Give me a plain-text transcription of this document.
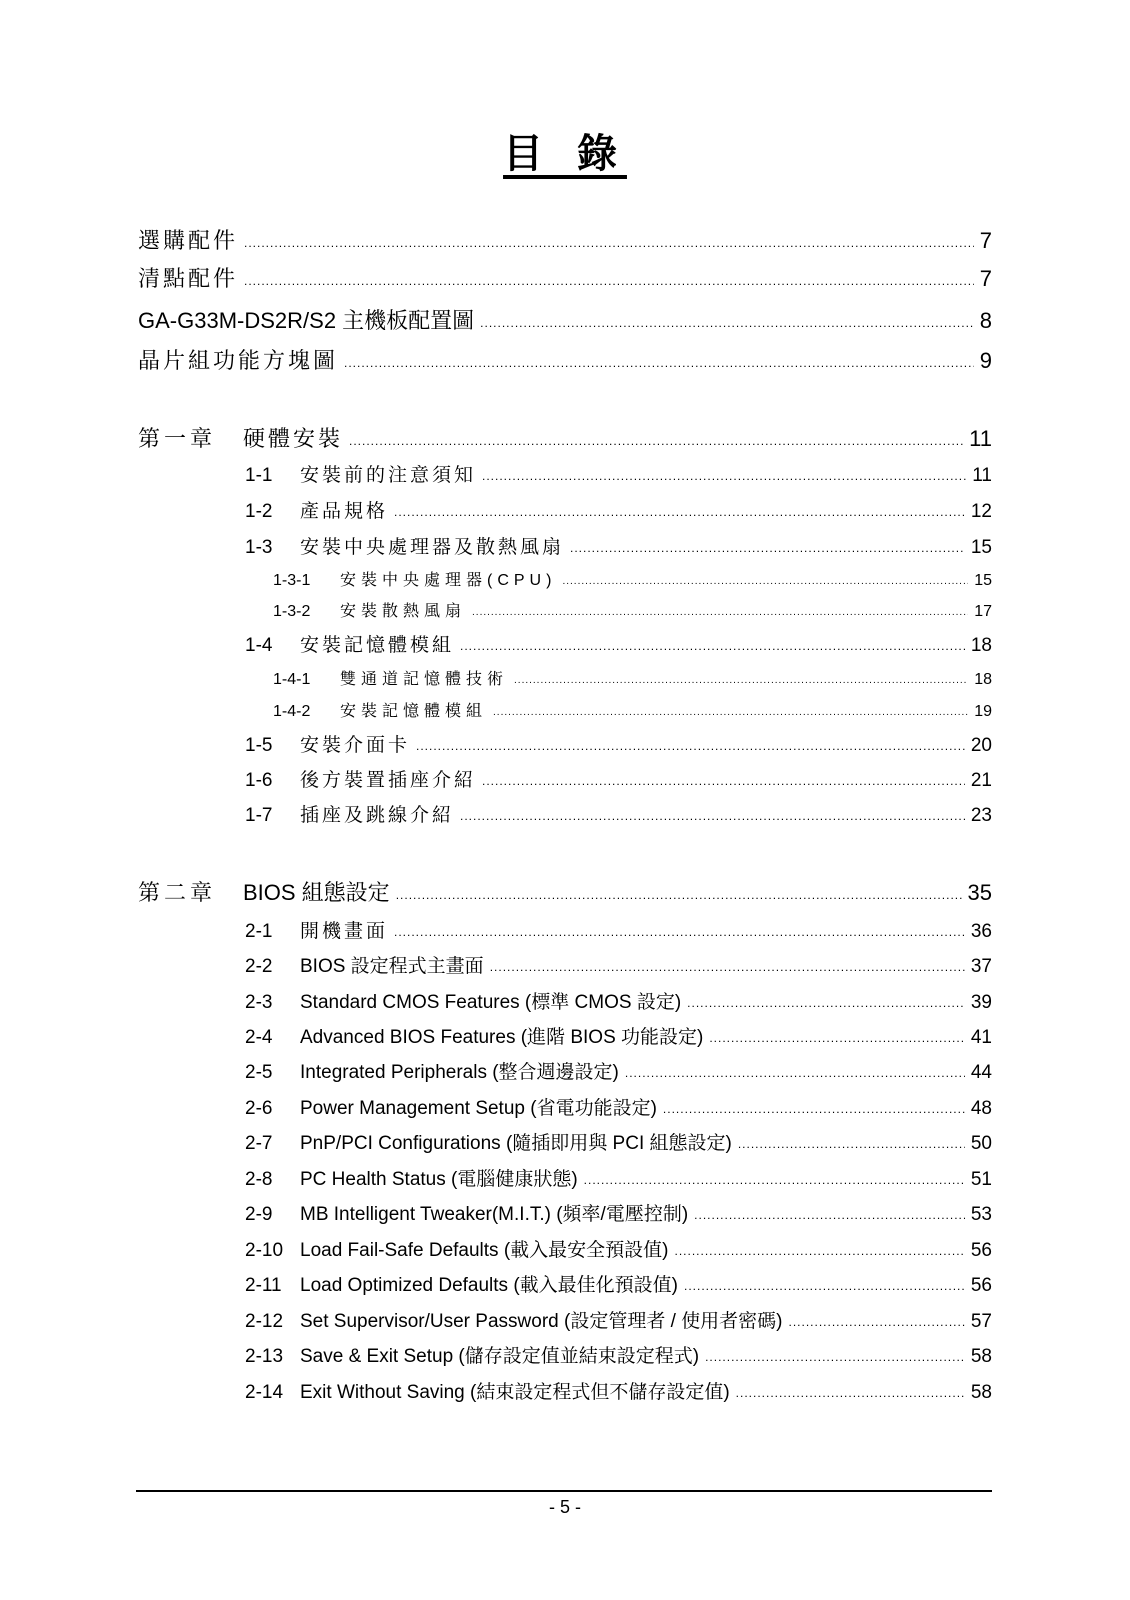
目 錄
選購配件 .....	7
清點配件 .....	7
GA-G33M-DS2R/S2 主機板配置圖 .....	8
晶片組功能方塊圖 .....	9
第一章	硬體安裝 .....	11
1-1	安裝前的注意須知 .....	11
1-2	產品規格 .....	12
1-3	安裝中央處理器及散熱風扇 .....	15
1-3-1	安裝中央處理器(CPU) .....	15
1-3-2	安裝散熱風扇 .....	17
1-4	安裝記憶體模組 .....	18
1-4-1	雙通道記憶體技術 .....	18
1-4-2	安裝記憶體模組 .....	19
1-5	安裝介面卡 .....	20
1-6	後方裝置插座介紹 .....	21
1-7	插座及跳線介紹 .....	23
第二章	BIOS 組態設定 .....	35
2-1	開機畫面 .....	36
2-2	BIOS 設定程式主畫面 .....	37
2-3	Standard CMOS Features (標準 CMOS 設定) .....	39
2-4	Advanced BIOS Features (進階 BIOS 功能設定) .....	41
2-5	Integrated Peripherals (整合週邊設定) .....	44
2-6	Power Management Setup (省電功能設定) .....	48
2-7	PnP/PCI Configurations (隨插即用與 PCI 組態設定) .....	50
2-8	PC Health Status (電腦健康狀態) .....	51
2-9	MB Intelligent Tweaker(M.I.T.) (頻率/電壓控制) .....	53
2-10 Load Fail-Safe Defaults (載入最安全預設值) .....	56
2-11 Load Optimized Defaults (載入最佳化預設值) .....	56
2-12 Set Supervisor/User Password (設定管理者 / 使用者密碼) .....	57
2-13 Save & Exit Setup (儲存設定值並結束設定程式) .....	58
2-14 Exit Without Saving (結束設定程式但不儲存設定值) .....	58
- 5 -
